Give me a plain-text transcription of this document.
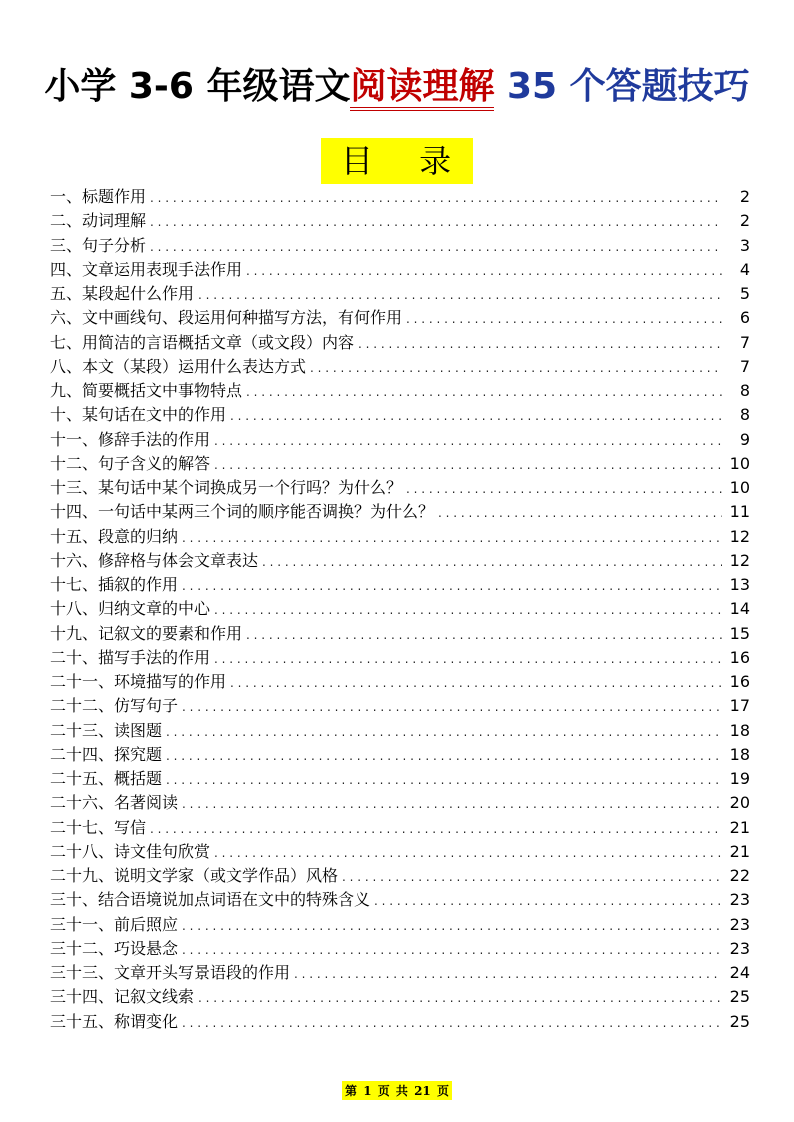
小学 3-6 年级语文阅读理解 35 个答题技巧
目 录
一、标题作用 . . .	2
二、动词理解 . . .	2
三、句子分析 . . .	3
四、文章运用表现手法作用 . . .	4
五、某段起什么作用 . . .	5
六、文中画线句、段运用何种描写方法，有何作用 . . .	6
七、用简洁的言语概括文章（或文段）内容 . . .	7
八、本文（某段）运用什么表达方式 . . .	7
九、简要概括文中事物特点 . . .	8
十、某句话在文中的作用 . . .	8
十一、修辞手法的作用 . . .	9
十二、句子含义的解答 . . .	10
十三、某句话中某个词换成另一个行吗？为什么？ . . .	10
十四、一句话中某两三个词的顺序能否调换？为什么？ . . .	11
十五、段意的归纳 . . .	12
十六、修辞格与体会文章表达 . . .	12
十七、插叙的作用 . . .	13
十八、归纳文章的中心 . . .	14
十九、记叙文的要素和作用 . . .	15
二十、描写手法的作用 . . .	16
二十一、环境描写的作用 . . .	16
二十二、仿写句子 . . .	17
二十三、读图题 . . .	18
二十四、探究题 . . .	18
二十五、概括题 . . .	19
二十六、名著阅读 . . .	20
二十七、写信 . . .	21
二十八、诗文佳句欣赏 . . .	21
二十九、说明文学家（或文学作品）风格 . . .	22
三十、结合语境说加点词语在文中的特殊含义 . . .	23
三十一、前后照应 . . .	23
三十二、巧设悬念 . . .	23
三十三、文章开头写景语段的作用 . . .	24
三十四、记叙文线索 . . .	25
三十五、称谓变化 . . .	25
第 1 页 共 21 页
